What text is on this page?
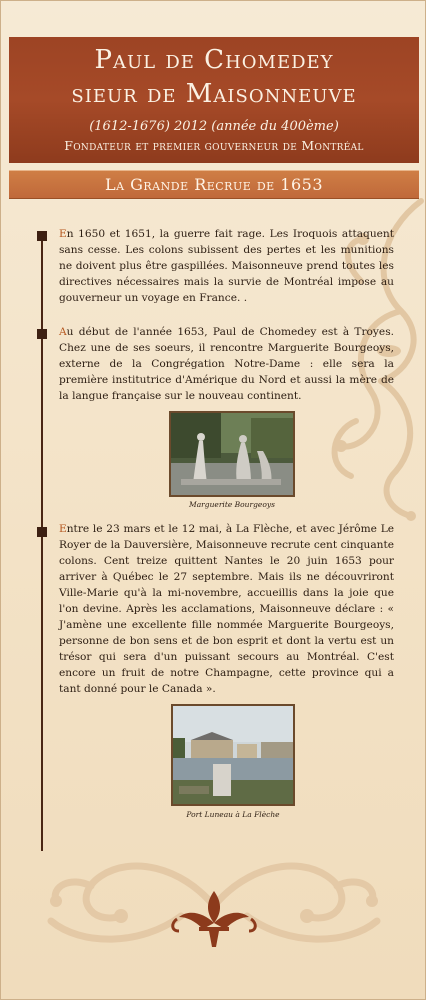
Paul de Chomedey
sieur de Maisonneuve
(1612-1676) 2012 (année du 400ème)
Fondateur et premier gouverneur de Montréal
La Grande Recrue de 1653

En 1650 et 1651, la guerre fait rage. Les Iroquois attaquent sans cesse. Les colons subissent des pertes et les munitions ne doivent plus être gaspillées. Maisonneuve prend toutes les directives nécessaires mais la survie de Montréal impose au gouverneur un voyage en France. .

Au début de l'année 1653, Paul de Chomedey est à Troyes. Chez une de ses soeurs, il rencontre Marguerite Bourgeoys, externe de la Congrégation Notre-Dame : elle sera la première institutrice d'Amérique du Nord et aussi la mère de la langue française sur le nouveau continent.

Marguerite Bourgeoys

Entre le 23 mars et le 12 mai, à La Flèche, et avec Jérôme Le Royer de la Dauversière, Maisonneuve recrute cent cinquante colons. Cent treize quittent Nantes le 20 juin 1653 pour arriver à Québec le 27 septembre. Mais ils ne découvriront Ville-Marie qu'à la mi-novembre, accueillis dans la joie que l'on devine. Après les acclamations, Maisonneuve déclare : « J'amène une excellente fille nommée Marguerite Bourgeoys, personne de bon sens et de bon esprit et dont la vertu est un trésor qui sera d'un puissant secours au Montréal. C'est encore un fruit de notre Champagne, cette province qui a tant donné pour le Canada ».

Port Luneau à La Flèche
